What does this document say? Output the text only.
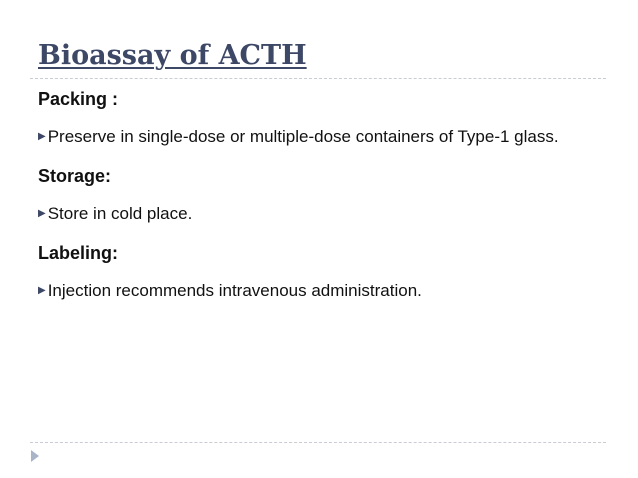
Bioassay of ACTH
Packing :
▶ Preserve in single-dose or multiple-dose containers of Type-1 glass.
Storage:
▶ Store in cold place.
Labeling:
▶ Injection recommends intravenous administration.
